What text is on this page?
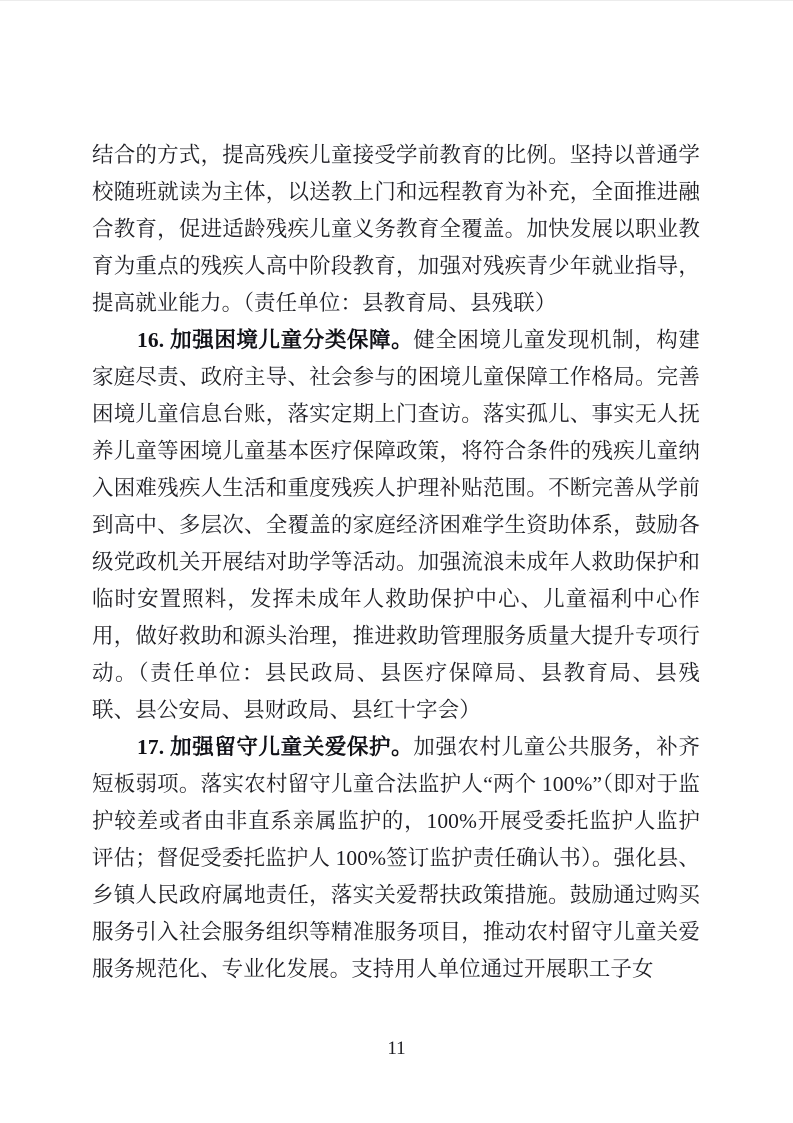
结合的方式，提高残疾儿童接受学前教育的比例。坚持以普通学校随班就读为主体，以送教上门和远程教育为补充，全面推进融合教育，促进适龄残疾儿童义务教育全覆盖。加快发展以职业教育为重点的残疾人高中阶段教育，加强对残疾青少年就业指导，提高就业能力。（责任单位：县教育局、县残联）

16. 加强困境儿童分类保障。健全困境儿童发现机制，构建家庭尽责、政府主导、社会参与的困境儿童保障工作格局。完善困境儿童信息台账，落实定期上门查访。落实孤儿、事实无人抚养儿童等困境儿童基本医疗保障政策，将符合条件的残疾儿童纳入困难残疾人生活和重度残疾人护理补贴范围。不断完善从学前到高中、多层次、全覆盖的家庭经济困难学生资助体系，鼓励各级党政机关开展结对助学等活动。加强流浪未成年人救助保护和临时安置照料，发挥未成年人救助保护中心、儿童福利中心作用，做好救助和源头治理，推进救助管理服务质量大提升专项行动。（责任单位：县民政局、县医疗保障局、县教育局、县残联、县公安局、县财政局、县红十字会）

17. 加强留守儿童关爱保护。加强农村儿童公共服务，补齐短板弱项。落实农村留守儿童合法监护人“两个 100%”（即对于监护较差或者由非直系亲属监护的，100%开展受委托监护人监护评估；督促受委托监护人 100%签订监护责任确认书）。强化县、乡镇人民政府属地责任，落实关爱帮扶政策措施。鼓励通过购买服务引入社会服务组织等精准服务项目，推动农村留守儿童关爱服务规范化、专业化发展。支持用人单位通过开展职工子女

11
